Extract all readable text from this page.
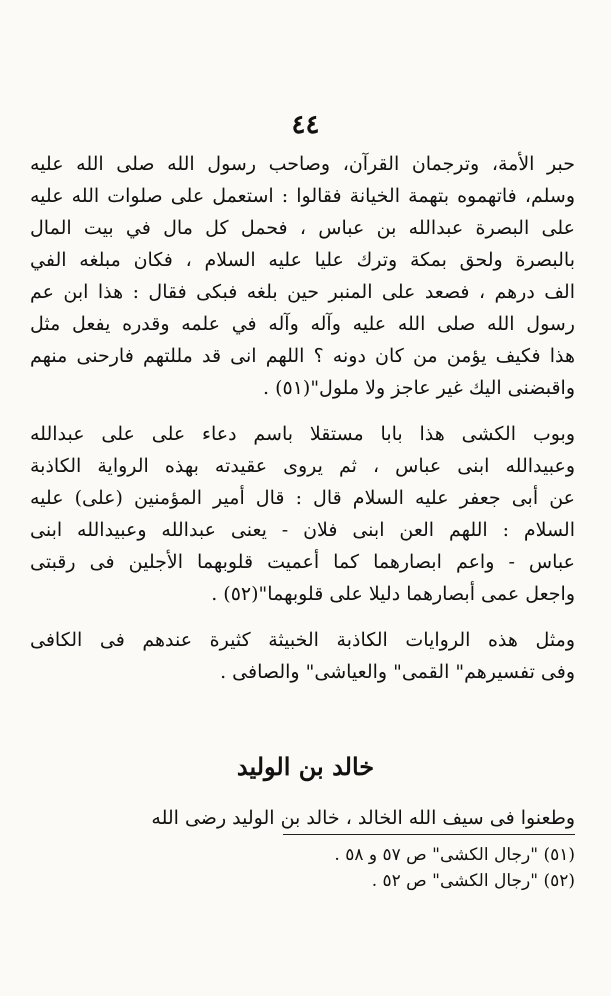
٤٤
حبر الأمة، وترجمان القرآن، وصاحب رسول الله صلى الله عليه
وسلم، فاتهموه بتهمة الخيانة فقالوا : استعمل على صلوات الله عليه
على البصرة عبدالله بن عباس ، فحمل كل مال في بيت المال
بالبصرة ولحق بمكة وترك عليا عليه السلام ، فكان مبلغه الفي
الف درهم ، فصعد على المنبر حين بلغه فبكى فقال : هذا ابن عم
رسول الله صلى الله عليه وآله وآله في علمه وقدره يفعل مثل
هذا فكيف يؤمن من كان دونه ؟ اللهم انى قد مللتهم فارحنى منهم
واقبضنى اليك غير عاجز ولا ملول"(٥١) .
وبوب الكشى هذا بابا مستقلا باسم دعاء على على عبدالله
وعبيدالله ابنى عباس ، ثم يروى عقيدته بهذه الرواية الكاذبة
عن أبى جعفر عليه السلام قال : قال أمير المؤمنين (على) عليه
السلام : اللهم العن ابنى فلان - يعنى عبدالله وعبيدالله ابنى
عباس - واعم ابصارهما كما أعميت قلوبهما الأجلين فى رقبتى
واجعل عمى أبصارهما دليلا على قلوبهما"(٥٢) .
ومثل هذه الروايات الكاذبة الخبيثة كثيرة عندهم فى الكافى
وفى تفسيرهم" القمى" والعياشى" والصافى .
خالد بن الوليد
وطعنوا فى سيف الله الخالد ، خالد بن الوليد رضى الله
(٥١) "رجال الكشى" ص ٥٧ و ٥٨ .
(٥٢) "رجال الكشى" ص ٥٢ .
